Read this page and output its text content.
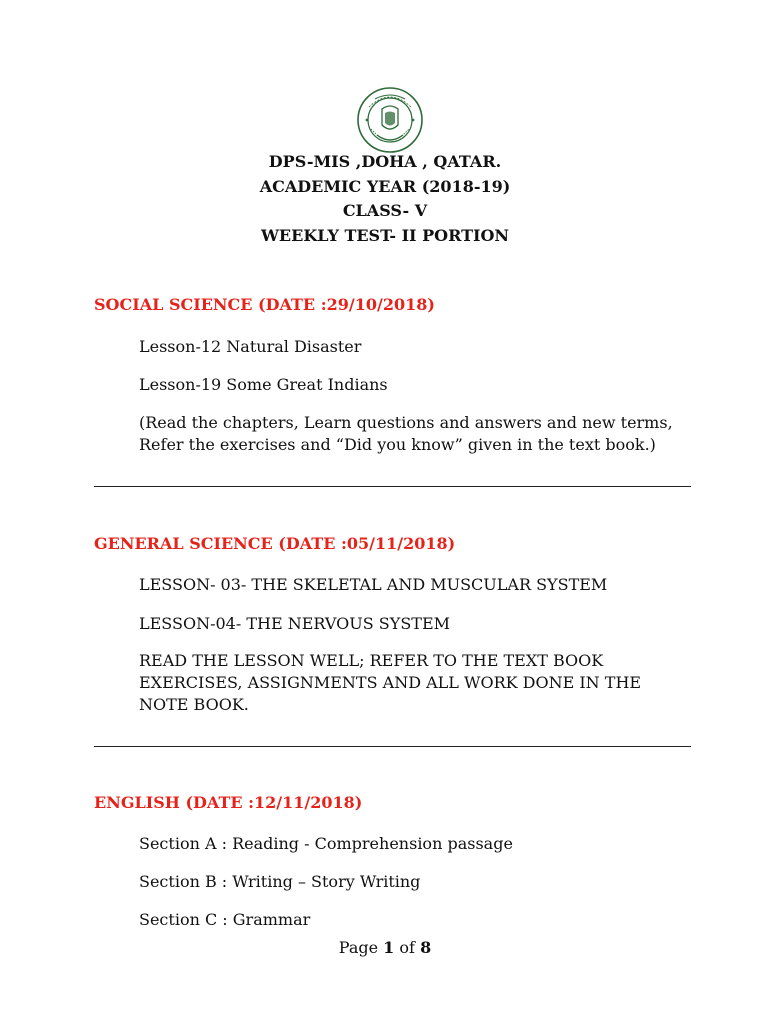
DPS-MIS ,DOHA , QATAR.
ACADEMIC YEAR (2018-19)
CLASS- V
WEEKLY TEST- II PORTION
SOCIAL SCIENCE (DATE :29/10/2018)
Lesson-12 Natural Disaster
Lesson-19 Some Great Indians
(Read the chapters, Learn questions and answers and new terms,
Refer the exercises and “Did you know” given in the text book.)
GENERAL SCIENCE (DATE :05/11/2018)
LESSON- 03- THE SKELETAL AND MUSCULAR SYSTEM
LESSON-04- THE NERVOUS SYSTEM
READ THE LESSON WELL; REFER TO THE TEXT BOOK
EXERCISES, ASSIGNMENTS AND ALL WORK DONE IN THE
NOTE BOOK.
ENGLISH (DATE :12/11/2018)
Section A : Reading - Comprehension passage
Section B : Writing – Story Writing
Section C : Grammar
Page 1 of 8
